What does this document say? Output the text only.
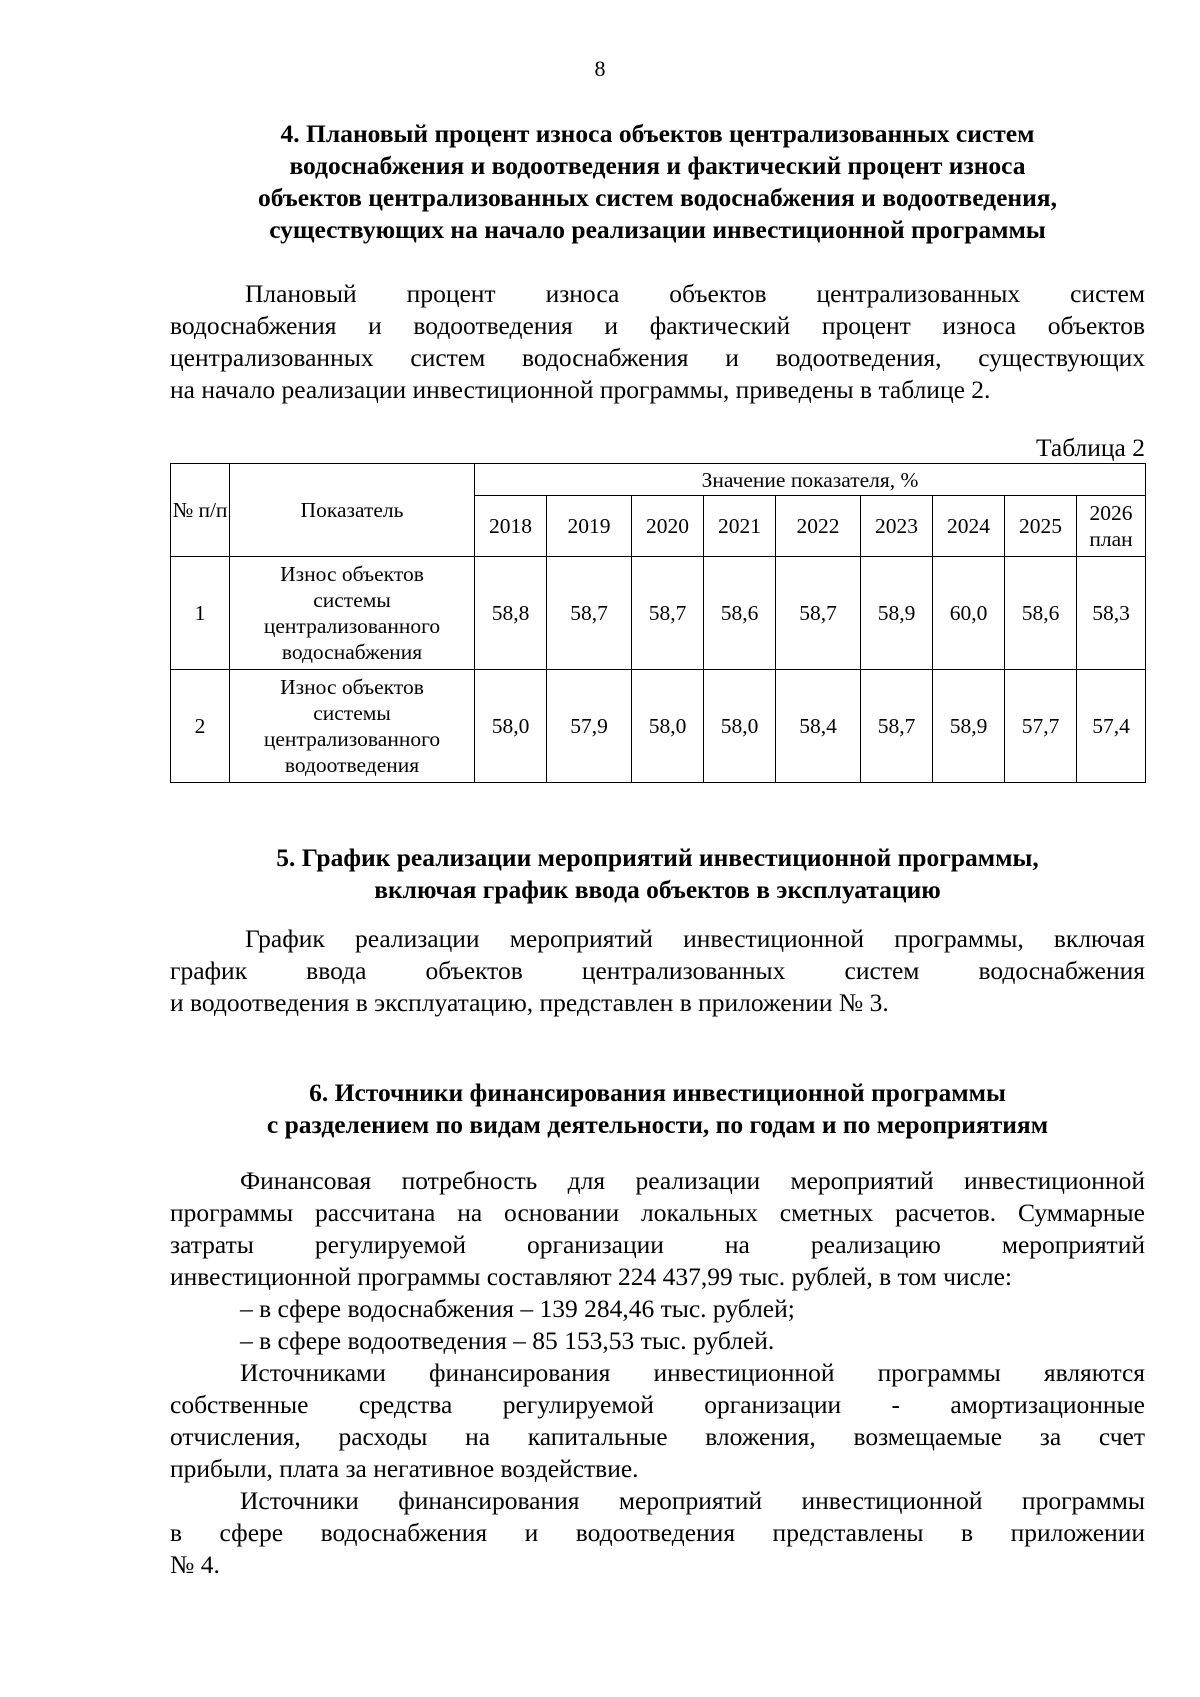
8
4. Плановый процент износа объектов централизованных систем
водоснабжения и водоотведения и фактический процент износа
объектов централизованных систем водоснабжения и водоотведения,
существующих на начало реализации инвестиционной программы
Плановый процент износа объектов централизованных систем
водоснабжения и водоотведения и фактический процент износа объектов
централизованных систем водоснабжения и водоотведения, существующих
на начало реализации инвестиционной программы, приведены в таблице 2.
Таблица 2
№ п/п	Показатель	Значение показателя, %								
		2018	2019	2020	2021	2022	2023	2024	2025	2026 план
1	Износ объектов системы централизованного водоснабжения	58,8	58,7	58,7	58,6	58,7	58,9	60,0	58,6	58,3
2	Износ объектов системы централизованного водоотведения	58,0	57,9	58,0	58,0	58,4	58,7	58,9	57,7	57,4
5. График реализации мероприятий инвестиционной программы,
включая график ввода объектов в эксплуатацию
График реализации мероприятий инвестиционной программы, включая
график ввода объектов централизованных систем водоснабжения
и водоотведения в эксплуатацию, представлен в приложении № 3.
6. Источники финансирования инвестиционной программы
с разделением по видам деятельности, по годам и по мероприятиям
Финансовая потребность для реализации мероприятий инвестиционной
программы рассчитана на основании локальных сметных расчетов. Суммарные
затраты регулируемой организации на реализацию мероприятий
инвестиционной программы составляют 224 437,99 тыс. рублей, в том числе:
– в сфере водоснабжения – 139 284,46 тыс. рублей;
– в сфере водоотведения – 85 153,53 тыс. рублей.
Источниками финансирования инвестиционной программы являются
собственные средства регулируемой организации - амортизационные
отчисления, расходы на капитальные вложения, возмещаемые за счет
прибыли, плата за негативное воздействие.
Источники финансирования мероприятий инвестиционной программы
в сфере водоснабжения и водоотведения представлены в приложении
№ 4.
